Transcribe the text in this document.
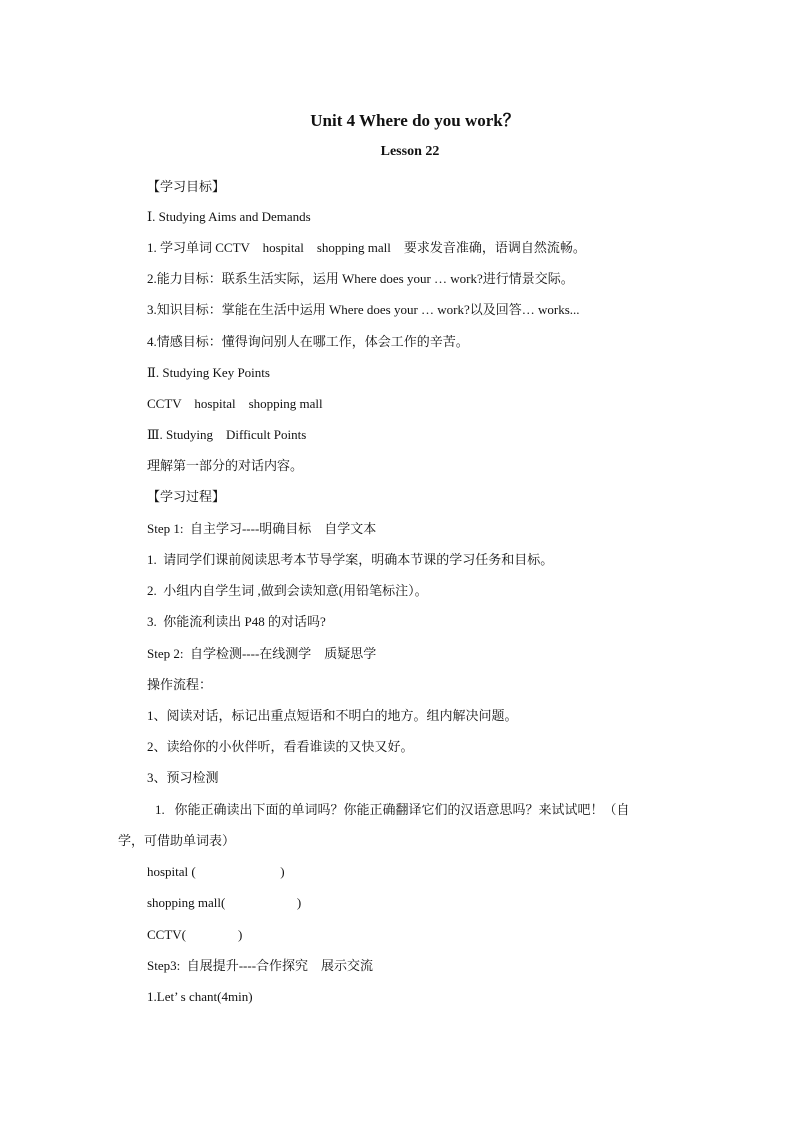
Unit 4 Where do you work？
Lesson 22
【学习目标】
Ⅰ. Studying Aims and Demands
1. 学习单词 CCTV    hospital    shopping mall    要求发音准确，语调自然流畅。
2.能力目标：联系生活实际，运用 Where does your … work?进行情景交际。
3.知识目标：掌能在生活中运用 Where does your … work?以及回答… works...
4.情感目标：懂得询问别人在哪工作，体会工作的辛苦。
Ⅱ. Studying Key Points
CCTV    hospital    shopping mall
Ⅲ. Studying    Difficult Points
理解第一部分的对话内容。
【学习过程】
Step 1:  自主学习----明确目标    自学文本
1.  请同学们课前阅读思考本节导学案，明确本节课的学习任务和目标。
2.  小组内自学生词 ,做到会读知意(用铅笔标注）。
3.  你能流利读出 P48 的对话吗?
Step 2:  自学检测----在线测学    质疑思学
操作流程：
1、阅读对话，标记出重点短语和不明白的地方。组内解决问题。
2、读给你的小伙伴听，看看谁读的又快又好。
3、预习检测
1.   你能正确读出下面的单词吗？你能正确翻译它们的汉语意思吗？来试试吧！（自
学，可借助单词表）
hospital (                          )
shopping mall(                      )
CCTV(                )
Step3:  自展提升----合作探究    展示交流
1.Let’ s chant(4min)
